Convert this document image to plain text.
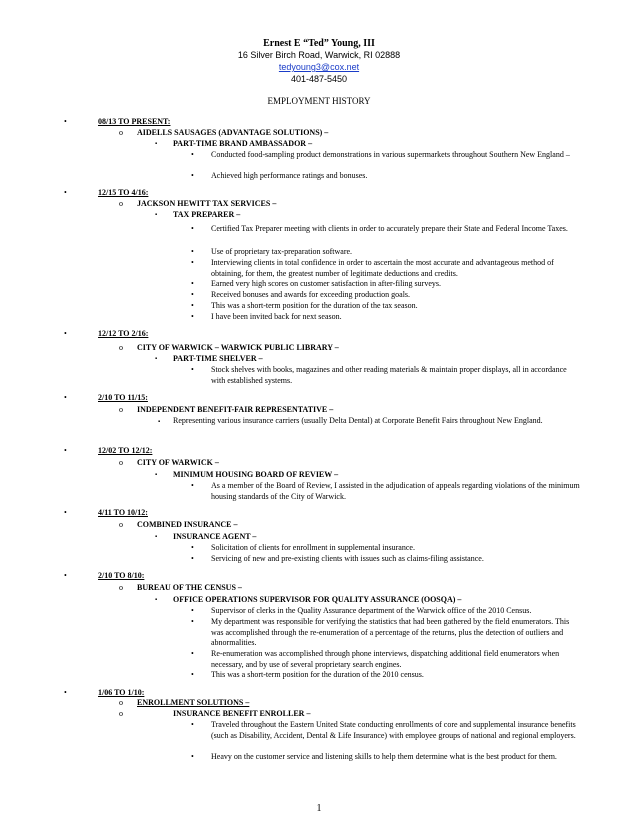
Ernest E “Ted” Young, III
16 Silver Birch Road, Warwick, RI 02888
tedyoung3@cox.net
401-487-5450
EMPLOYMENT HISTORY
•	08/13 TO PRESENT:
o AIDELLS SAUSAGES (ADVANTAGE SOLUTIONS) –
▪ PART-TIME BRAND AMBASSADOR –
• Conducted food-sampling product demonstrations in various supermarkets throughout Southern New England –
• Achieved high performance ratings and bonuses.
•	12/15 TO 4/16:
o JACKSON HEWITT TAX SERVICES –
▪ TAX PREPARER –
• Certified Tax Preparer meeting with clients in order to accurately prepare their State and Federal Income Taxes.
• Use of proprietary tax-preparation software.
• Interviewing clients in total confidence in order to ascertain the most accurate and advantageous method of obtaining, for them, the greatest number of legitimate deductions and credits.
• Earned very high scores on customer satisfaction in after-filing surveys.
• Received bonuses and awards for exceeding production goals.
• This was a short-term position for the duration of the tax season.
• I have been invited back for next season.
•	12/12 TO 2/16:
o CITY OF WARWICK – WARWICK PUBLIC LIBRARY –
▪ PART-TIME SHELVER –
• Stock shelves with books, magazines and other reading materials & maintain proper displays, all in accordance with established systems.
•	2/10 TO 11/15:
o INDEPENDENT BENEFIT-FAIR REPRESENTATIVE –
▪ Representing various insurance carriers (usually Delta Dental) at Corporate Benefit Fairs throughout New England.
•	12/02 TO 12/12:
o CITY OF WARWICK –
▪ MINIMUM HOUSING BOARD OF REVIEW –
• As a member of the Board of Review, I assisted in the adjudication of appeals regarding violations of the minimum housing standards of the City of Warwick.
•	4/11 TO 10/12:
o COMBINED INSURANCE –
▪ INSURANCE AGENT –
• Solicitation of clients for enrollment in supplemental insurance.
• Servicing of new and pre-existing clients with issues such as claims-filing assistance.
•	2/10 TO 8/10:
o BUREAU OF THE CENSUS –
▪ OFFICE OPERATIONS SUPERVISOR FOR QUALITY ASSURANCE (OOSQA) –
• Supervisor of clerks in the Quality Assurance department of the Warwick office of the 2010 Census.
• My department was responsible for verifying the statistics that had been gathered by the field enumerators. This was accomplished through the re-enumeration of a percentage of the returns, plus the detection of outliers and abnormalities.
• Re-enumeration was accomplished through phone interviews, dispatching additional field enumerators when necessary, and by use of several proprietary search engines.
• This was a short-term position for the duration of the 2010 census.
•	1/06 TO 1/10:
o ENROLLMENT SOLUTIONS –
o	INSURANCE BENEFIT ENROLLER –
• Traveled throughout the Eastern United State conducting enrollments of core and supplemental insurance benefits (such as Disability, Accident, Dental & Life Insurance) with employee groups of national and regional employers.
• Heavy on the customer service and listening skills to help them determine what is the best product for them.
1
